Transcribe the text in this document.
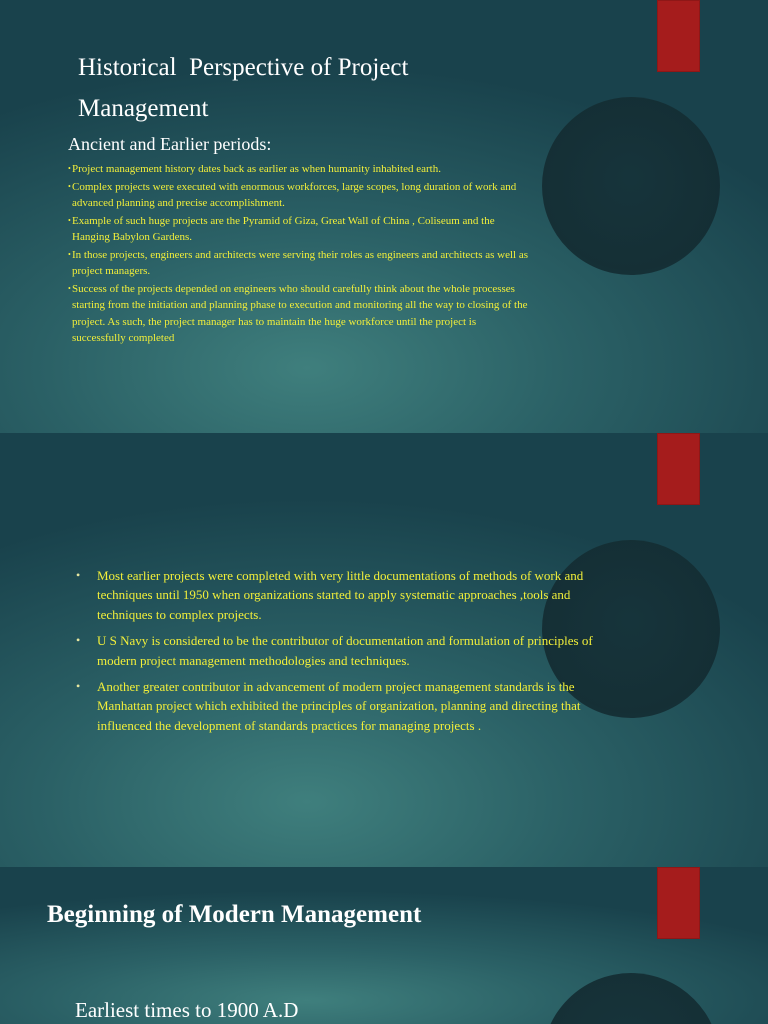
Historical  Perspective of Project
Management
Ancient and Earlier periods:
• Project management history dates back as earlier as when humanity inhabited earth.
• Complex projects were executed with enormous workforces, large scopes, long duration of work and advanced planning and precise accomplishment.
• Example of such huge projects are the Pyramid of Giza, Great Wall of China , Coliseum and the Hanging Babylon Gardens.
• In those projects, engineers and architects were serving their roles as engineers and architects as well as project managers.
• Success of the projects depended on engineers who should carefully think about the whole processes starting from the initiation and planning phase to execution and monitoring all the way to closing of the project. As such, the project manager has to maintain the huge workforce until the project is successfully completed
• Most earlier projects were completed with very little documentations of methods of work and techniques until 1950 when organizations started to apply systematic approaches ,tools and techniques to complex projects.
• U S Navy is considered to be the contributor of documentation and formulation of principles of modern project management methodologies and techniques.
• Another greater contributor in advancement of modern project management standards is the Manhattan project which exhibited the principles of organization, planning and directing that influenced the development of standards practices for managing projects .
Beginning of Modern Management
Earliest times to 1900 A.D
